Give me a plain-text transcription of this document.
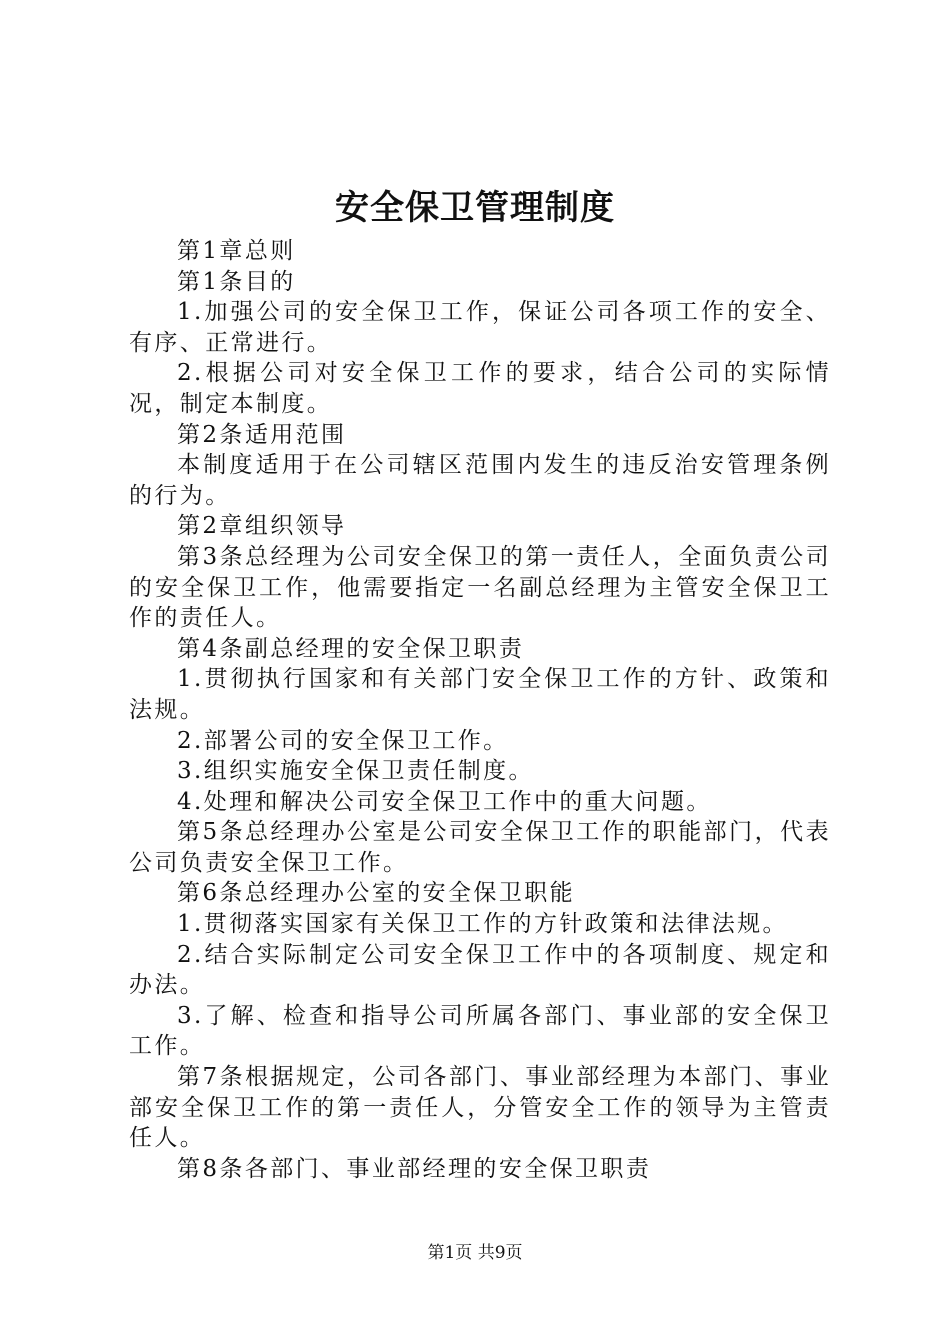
安全保卫管理制度

第1章总则

第1条目的

1.加强公司的安全保卫工作，保证公司各项工作的安全、有序、正常进行。

2.根据公司对安全保卫工作的要求，结合公司的实际情况，制定本制度。

第2条适用范围

本制度适用于在公司辖区范围内发生的违反治安管理条例的行为。

第2章组织领导

第3条总经理为公司安全保卫的第一责任人，全面负责公司的安全保卫工作，他需要指定一名副总经理为主管安全保卫工作的责任人。

第4条副总经理的安全保卫职责

1.贯彻执行国家和有关部门安全保卫工作的方针、政策和法规。

2.部署公司的安全保卫工作。

3.组织实施安全保卫责任制度。

4.处理和解决公司安全保卫工作中的重大问题。

第5条总经理办公室是公司安全保卫工作的职能部门，代表公司负责安全保卫工作。

第6条总经理办公室的安全保卫职能

1.贯彻落实国家有关保卫工作的方针政策和法律法规。

2.结合实际制定公司安全保卫工作中的各项制度、规定和办法。

3.了解、检查和指导公司所属各部门、事业部的安全保卫工作。

第7条根据规定，公司各部门、事业部经理为本部门、事业部安全保卫工作的第一责任人，分管安全工作的领导为主管责任人。

第8条各部门、事业部经理的安全保卫职责

第1页 共9页
